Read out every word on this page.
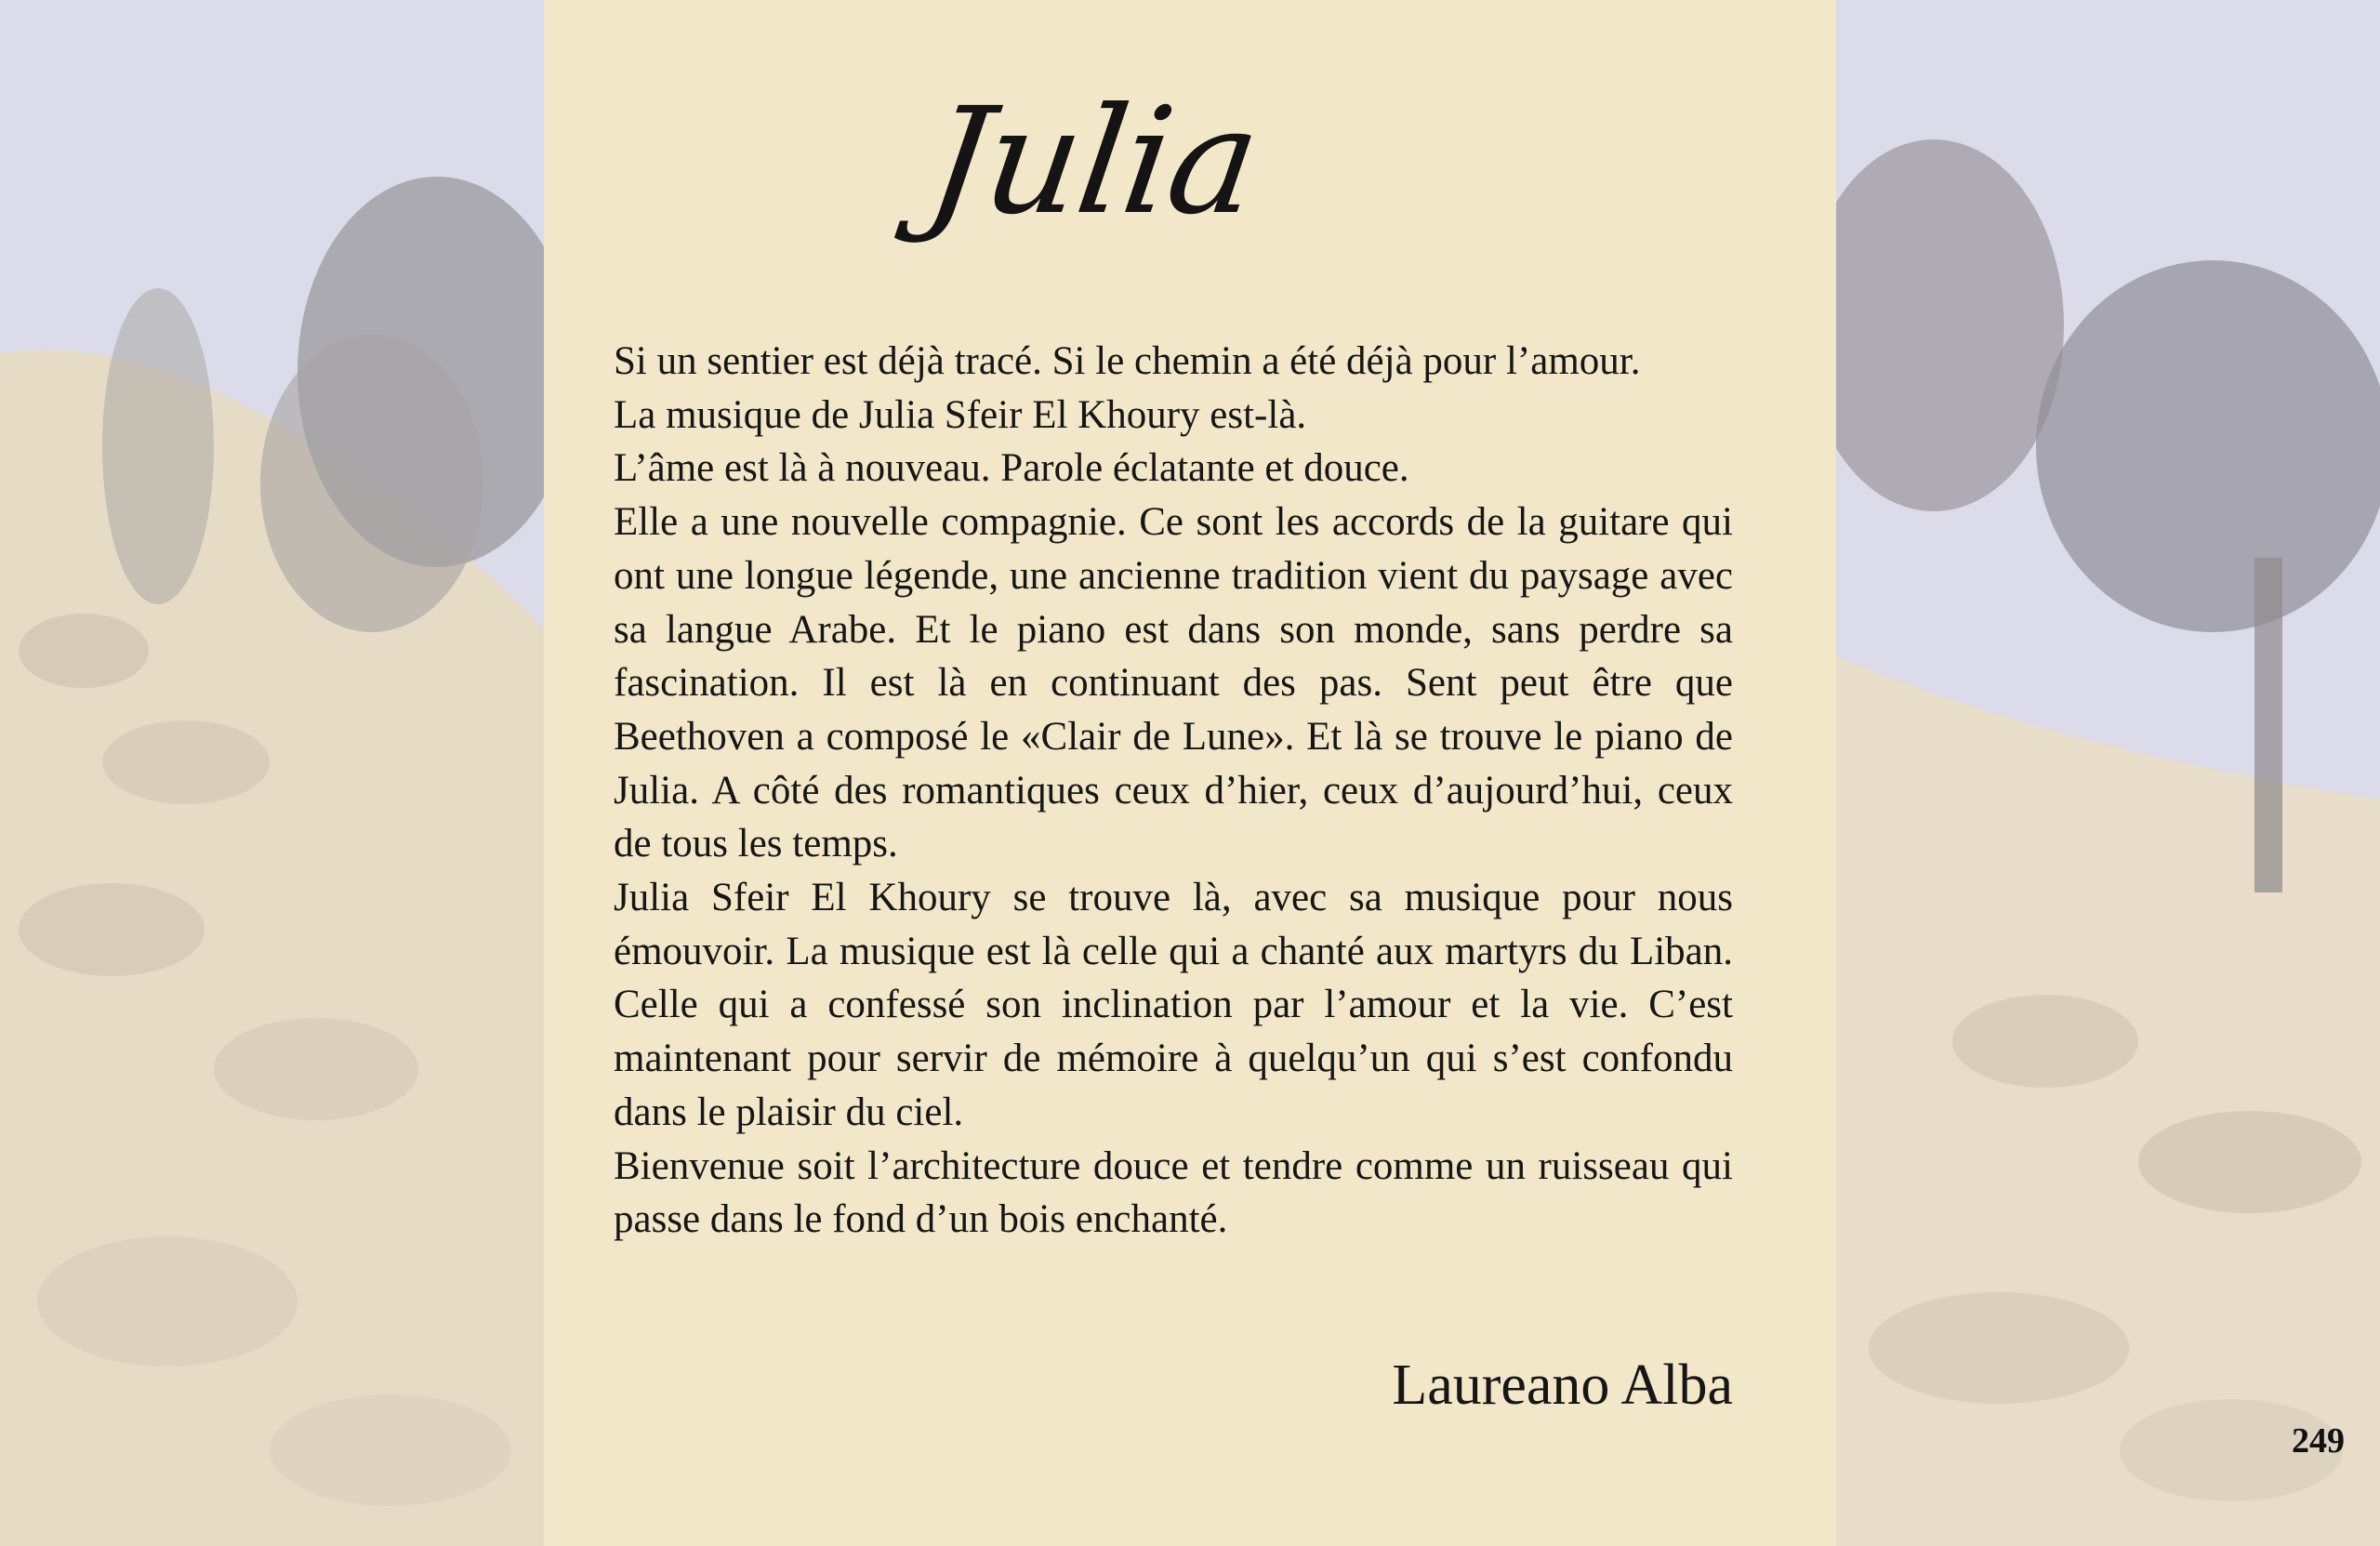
Julia

Si un sentier est déjà tracé. Si le chemin a été déjà pour l’amour.

La musique de Julia Sfeir El Khoury est-là.

L’âme est là à nouveau. Parole éclatante et douce.

Elle a une nouvelle compagnie. Ce sont les accords de la guitare qui ont une longue légende, une ancienne tradition vient du paysage avec sa langue Arabe. Et le piano est dans son monde, sans perdre sa fascination. Il est là en continuant des pas. Sent peut être que Beethoven a composé le «Clair de Lune». Et là se trouve le piano de Julia. A côté des romantiques ceux d’hier, ceux d’aujourd’hui, ceux de tous les temps.

Julia Sfeir El Khoury se trouve là, avec sa musique pour nous émouvoir. La musique est là celle qui a chanté aux martyrs du Liban. Celle qui a confessé son inclination par l’amour et la vie. C’est maintenant pour servir de mémoire à quelqu’un qui s’est confondu dans le plaisir du ciel.

Bienvenue soit l’architecture douce et tendre comme un ruisseau qui passe dans le fond d’un bois enchanté.

Laureano Alba
249
